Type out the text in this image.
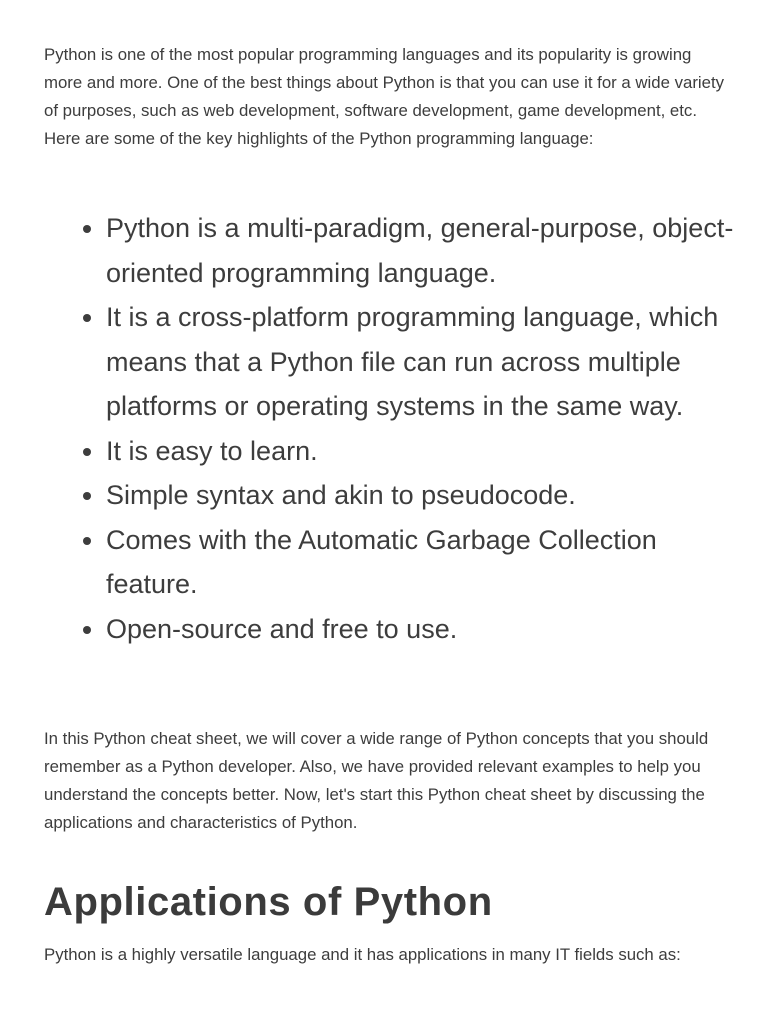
Python is one of the most popular programming languages and its popularity is growing more and more. One of the best things about Python is that you can use it for a wide variety of purposes, such as web development, software development, game development, etc. Here are some of the key highlights of the Python programming language:

• Python is a multi-paradigm, general-purpose, object-oriented programming language.
• It is a cross-platform programming language, which means that a Python file can run across multiple platforms or operating systems in the same way.
• It is easy to learn.
• Simple syntax and akin to pseudocode.
• Comes with the Automatic Garbage Collection feature.
• Open-source and free to use.

In this Python cheat sheet, we will cover a wide range of Python concepts that you should remember as a Python developer. Also, we have provided relevant examples to help you understand the concepts better. Now, let's start this Python cheat sheet by discussing the applications and characteristics of Python.

Applications of Python

Python is a highly versatile language and it has applications in many IT fields such as:
